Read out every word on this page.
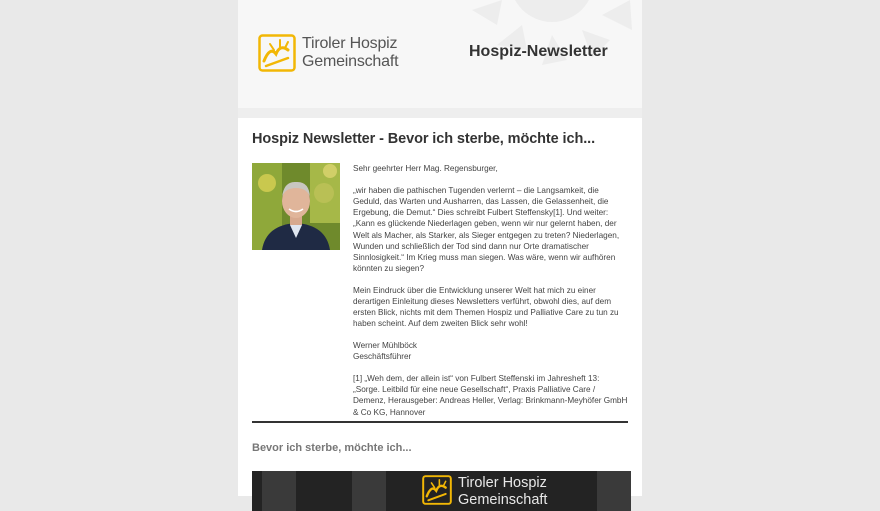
Tiroler Hospiz
Gemeinschaft
Hospiz-Newsletter
Hospiz Newsletter - Bevor ich sterbe, möchte ich...

Sehr geehrter Herr Mag. Regensburger,

„wir haben die pathischen Tugenden verlernt – die Langsamkeit, die Geduld, das Warten und Ausharren, das Lassen, die Gelassenheit, die Ergebung, die Demut.“ Dies schreibt Fulbert Steffensky[1]. Und weiter: „Kann es glückende Niederlagen geben, wenn wir nur gelernt haben, der Welt als Macher, als Starker, als Sieger entgegen zu treten? Niederlagen, Wunden und schließlich der Tod sind dann nur Orte dramatischer Sinnlosigkeit.“ Im Krieg muss man siegen. Was wäre, wenn wir aufhören könnten zu siegen?

Mein Eindruck über die Entwicklung unserer Welt hat mich zu einer derartigen Einleitung dieses Newsletters verführt, obwohl dies, auf dem ersten Blick, nichts mit dem Themen Hospiz und Palliative Care zu tun zu haben scheint. Auf dem zweiten Blick sehr wohl!

Werner Mühlböck

Geschäftsführer

[1] „Weh dem, der allein ist“ von Fulbert Steffenski im Jahresheft 13: „Sorge. Leitbild für eine neue Gesellschaft“, Praxis Palliative Care / Demenz, Herausgeber: Andreas Heller, Verlag: Brinkmann-Meyhöfer GmbH & Co KG, Hannover

Bevor ich sterbe, möchte ich...
Tiroler Hospiz
Gemeinschaft
